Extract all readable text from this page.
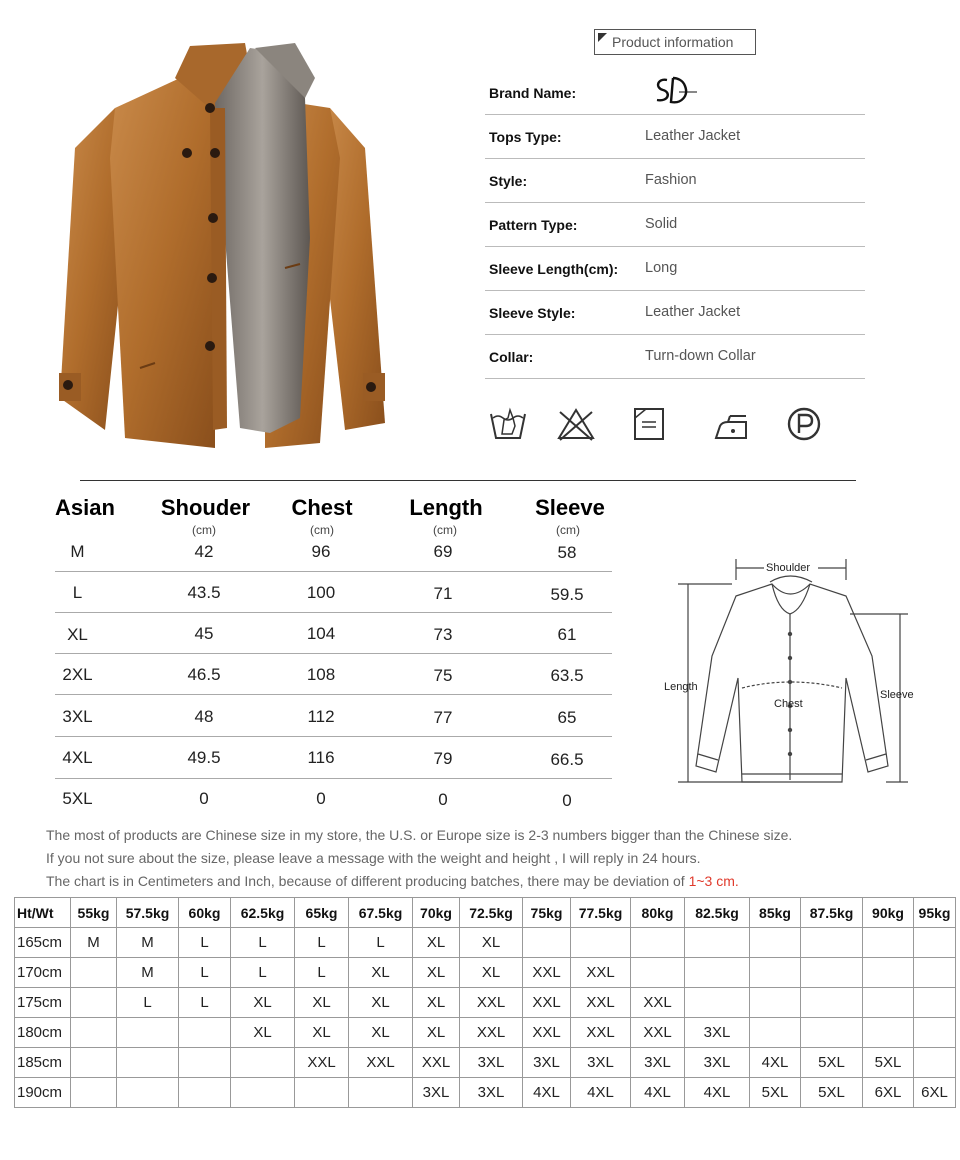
Product information
Brand Name:
Tops Type:	Leather Jacket
Style:	Fashion
Pattern Type:	Solid
Sleeve Length(cm): Long
Sleeve Style:	Leather Jacket
Collar:	Turn-down Collar
Asian	Shouder	Chest	Length	Sleeve
(cm)	(cm)	(cm)	(cm)
M	42	96	69	58
L	43.5	100	71	59.5
XL	45	104	73	61
2XL	46.5	108	75	63.5
3XL	48	112	77	65
4XL	49.5	116	79	66.5
5XL	0	0	0	0
Shoulder
Length
Chest
Sleeve
The most of products are Chinese size in my store, the U.S. or Europe size is 2-3 numbers bigger than the Chinese size.
If you not sure about the size, please leave a message with the weight and height , I will reply in 24 hours.
The chart is in Centimeters and Inch, because of different producing batches, there may be deviation of 1~3 cm.
Ht/Wt	55kg	57.5kg	60kg	62.5kg	65kg	67.5kg	70kg	72.5kg	75kg	77.5kg	80kg	82.5kg	85kg	87.5kg	90kg	95kg
165cm	M	M	L	L	L	L	XL	XL								
170cm		M	L	L	L	XL	XL	XL	XXL	XXL						
175cm		L	L	XL	XL	XL	XL	XXL	XXL	XXL	XXL					
180cm				XL	XL	XL	XL	XXL	XXL	XXL	XXL	3XL				
185cm					XXL	XXL	XXL	3XL	3XL	3XL	3XL	3XL	4XL	5XL	5XL	
190cm							3XL	3XL	4XL	4XL	4XL	4XL	5XL	5XL	6XL	6XL
